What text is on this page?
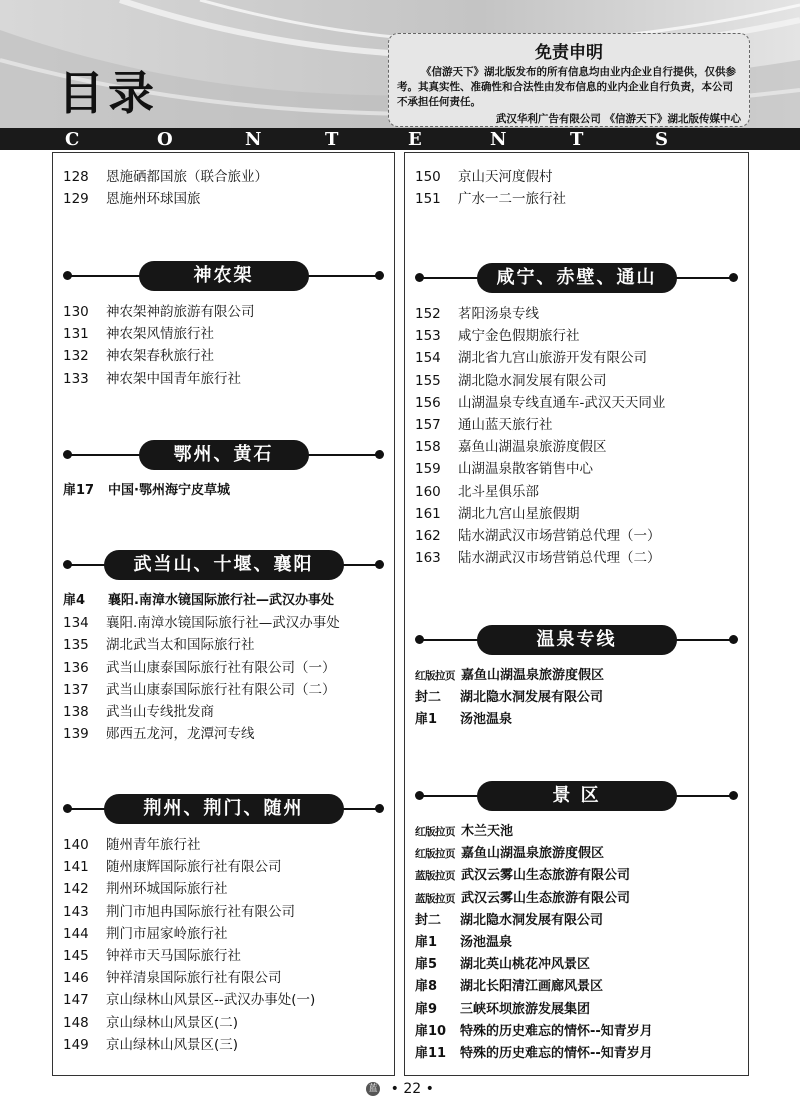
目录
免责申明

《信游天下》湖北版发布的所有信息均由业内企业自行提供，仅供参考。其真实性、准确性和合法性由发布信息的业内企业自行负责，本公司不承担任何责任。

武汉华利广告有限公司 《信游天下》湖北版传媒中心
C	O	N	T	E	N	T	S
128 恩施硒都国旅（联合旅业）
129 恩施州环球国旅
神农架
130 神农架神韵旅游有限公司
131 神农架风情旅行社
132 神农架春秋旅行社
133 神农架中国青年旅行社
鄂州、黄石
扉17 中国·鄂州海宁皮草城
武当山、十堰、襄阳
扉4 襄阳.南漳水镜国际旅行社—武汉办事处
134 襄阳.南漳水镜国际旅行社—武汉办事处
135 湖北武当太和国际旅行社
136 武当山康泰国际旅行社有限公司（一）
137 武当山康泰国际旅行社有限公司（二）
138 武当山专线批发商
139 郧西五龙河，龙潭河专线
荆州、荆门、随州
140 随州青年旅行社
141 随州康辉国际旅行社有限公司
142 荆州环城国际旅行社
143 荆门市旭冉国际旅行社有限公司
144 荆门市屈家岭旅行社
145 钟祥市天马国际旅行社
146 钟祥清泉国际旅行社有限公司
147 京山绿林山风景区--武汉办事处(一)
148 京山绿林山风景区(二)
149 京山绿林山风景区(三)
150 京山天河度假村
151 广水一二一旅行社
咸宁、赤壁、通山
152 茗阳汤泉专线
153 咸宁金色假期旅行社
154 湖北省九宫山旅游开发有限公司
155 湖北隐水洞发展有限公司
156 山湖温泉专线直通车-武汉天天同业
157 通山蓝天旅行社
158 嘉鱼山湖温泉旅游度假区
159 山湖温泉散客销售中心
160 北斗星俱乐部
161 湖北九宫山星旅假期
162 陆水湖武汉市场营销总代理（一）
163 陆水湖武汉市场营销总代理（二）
温泉专线
红版拉页 嘉鱼山湖温泉旅游度假区
封二 湖北隐水洞发展有限公司
扉1 汤池温泉
景 区
红版拉页 木兰天池
红版拉页 嘉鱼山湖温泉旅游度假区
蓝版拉页 武汉云雾山生态旅游有限公司
蓝版拉页 武汉云雾山生态旅游有限公司
封二 湖北隐水洞发展有限公司
扉1 汤池温泉
扉5 湖北英山桃花冲风景区
扉8 湖北长阳清江画廊风景区
扉9 三峡环坝旅游发展集团
扉10 特殊的历史难忘的情怀--知青岁月
扉11 特殊的历史难忘的情怀--知青岁月
蓝 • 22 •
